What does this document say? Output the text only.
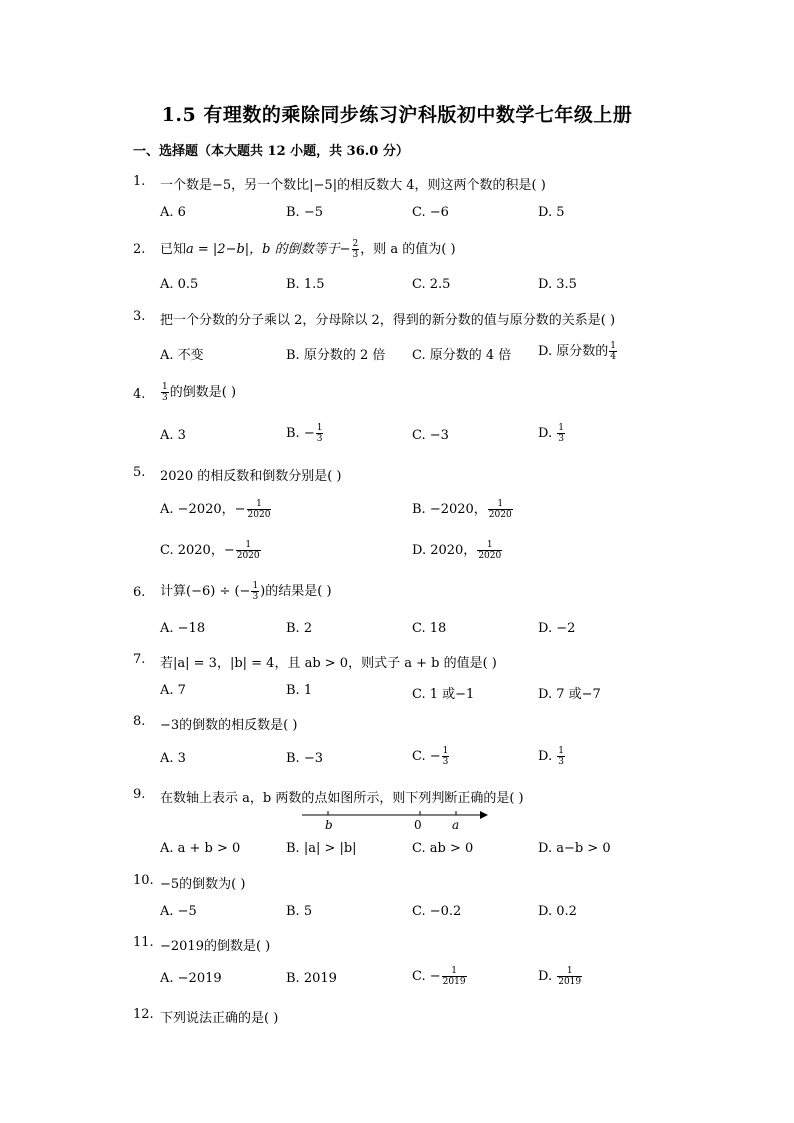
1.5 有理数的乘除同步练习沪科版初中数学七年级上册
一、选择题（本大题共 12 小题，共 36.0 分）
1.	一个数是−5，另一个数比|−5|的相反数大 4，则这两个数的积是( )
A. 6	B. −5	C. −6	D. 5
2.	已知a = |2−b|，b 的倒数等于− $\frac{2}{3}$ ，则 a 的值为( )
A. 0.5	B. 1.5	C. 2.5	D. 3.5
3.	把一个分数的分子乘以 2，分母除以 2，得到的新分数的值与原分数的关系是( )
A. 不变	B. 原分数的 2 倍 C. 原分数的 4 倍 D. 原分数的 $\frac{1}{4}$
4.	$\frac{1}{3}$ 的倒数是( )
A. 3	B. − $\frac{1}{3}$	C. −3	D. $\frac{1}{3}$
5.	2020 的相反数和倒数分别是( )
A. −2020，− $\frac{1}{2020}$	B. −2020， $\frac{1}{2020}$
C. 2020，− $\frac{1}{2020}$	D. 2020， $\frac{1}{2020}$
6.	计算(−6) ÷ (− $\frac{1}{3}$ )的结果是( )
A. −18	B. 2	C. 18	D. −2
7.	若|a| = 3，|b| = 4，且 ab > 0，则式子 a + b 的值是( )
A. 7	B. 1	C. 1 或−1	D. 7 或−7
8.	−3的倒数的相反数是( )
A. 3	B. −3	C. − $\frac{1}{3}$	D. $\frac{1}{3}$
9.	在数轴上表示 a，b 两数的点如图所示，则下列判断正确的是( )
b	0	a
A. a + b > 0	B. |a| > |b|	C. ab > 0	D. a−b > 0
10. −5的倒数为( )
A. −5	B. 5	C. −0.2	D. 0.2
11. −2019的倒数是( )
A. −2019	B. 2019	C. − $\frac{1}{2019}$	D. $\frac{1}{2019}$
12. 下列说法正确的是( )
